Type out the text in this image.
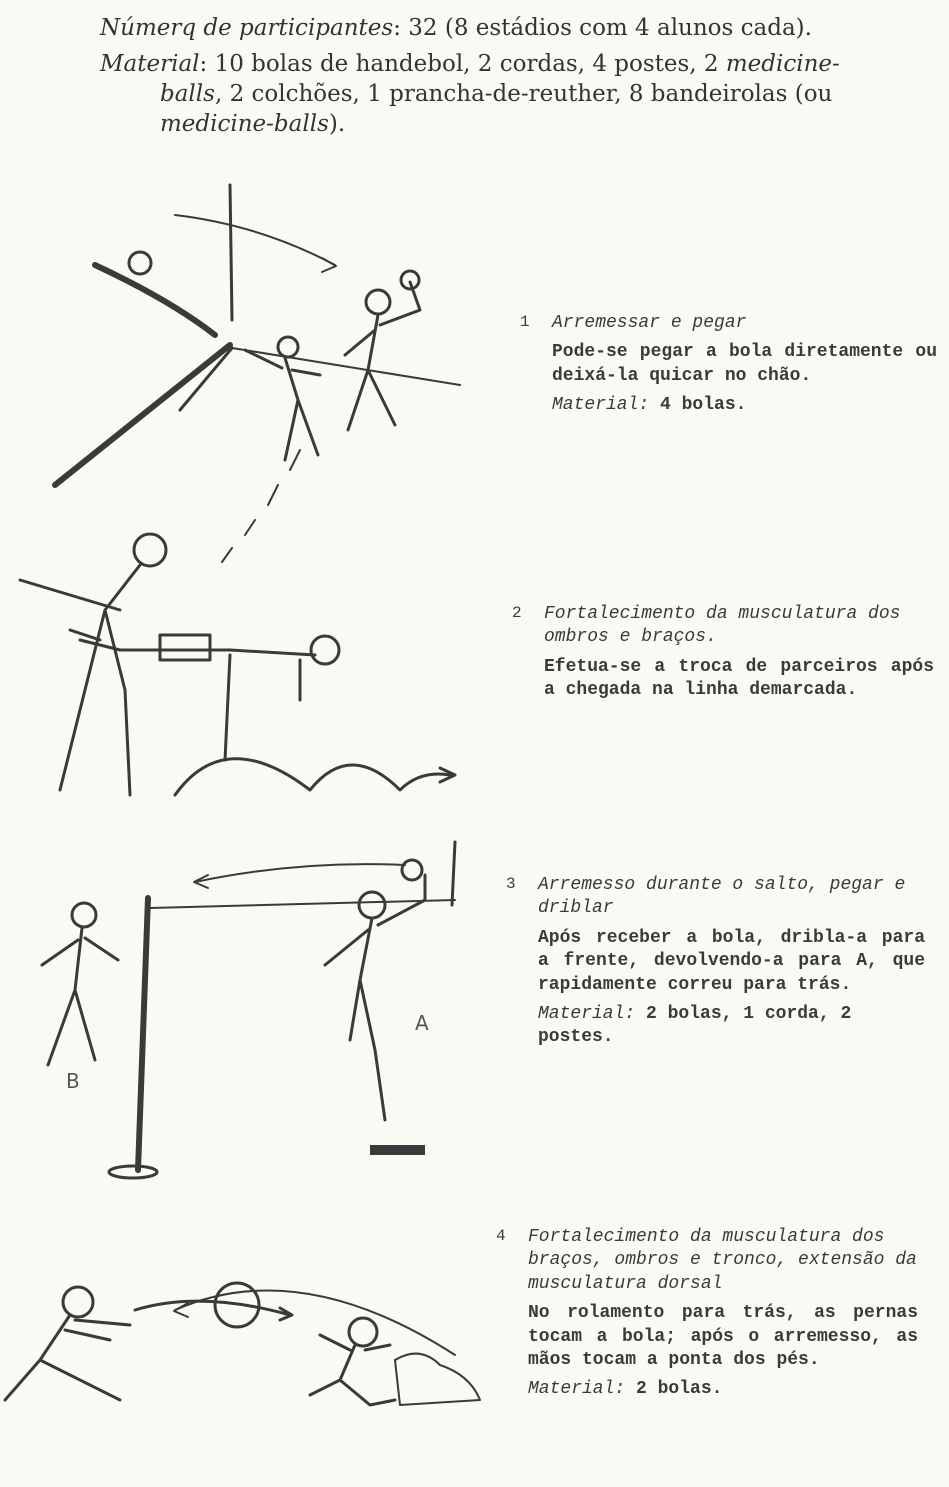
Númerq de participantes: 32 (8 estádios com 4 alunos cada).

Material: 10 bolas de handebol, 2 cordas, 4 postes, 2 medicine-
balls, 2 colchões, 1 prancha-de-reuther, 8 bandeirolas (ou
medicine-balls).

A
B
1 Arremessar e pegar

Pode-se pegar a bola diretamente ou deixá-la quicar no chão.

Material: 4 bolas.

2 Fortalecimento da musculatura dos ombros e braços.

Efetua-se a troca de parceiros após a chegada na linha demarcada.

3 Arremesso durante o salto, pegar e driblar

Após receber a bola, dribla-a para a frente, devolvendo-a para A, que rapidamente correu para trás.

Material: 2 bolas, 1 corda, 2 postes.

4 Fortalecimento da musculatura dos braços, ombros e tronco, extensão da musculatura dorsal

No rolamento para trás, as pernas tocam a bola; após o arremesso, as mãos tocam a ponta dos pés.

Material: 2 bolas.
